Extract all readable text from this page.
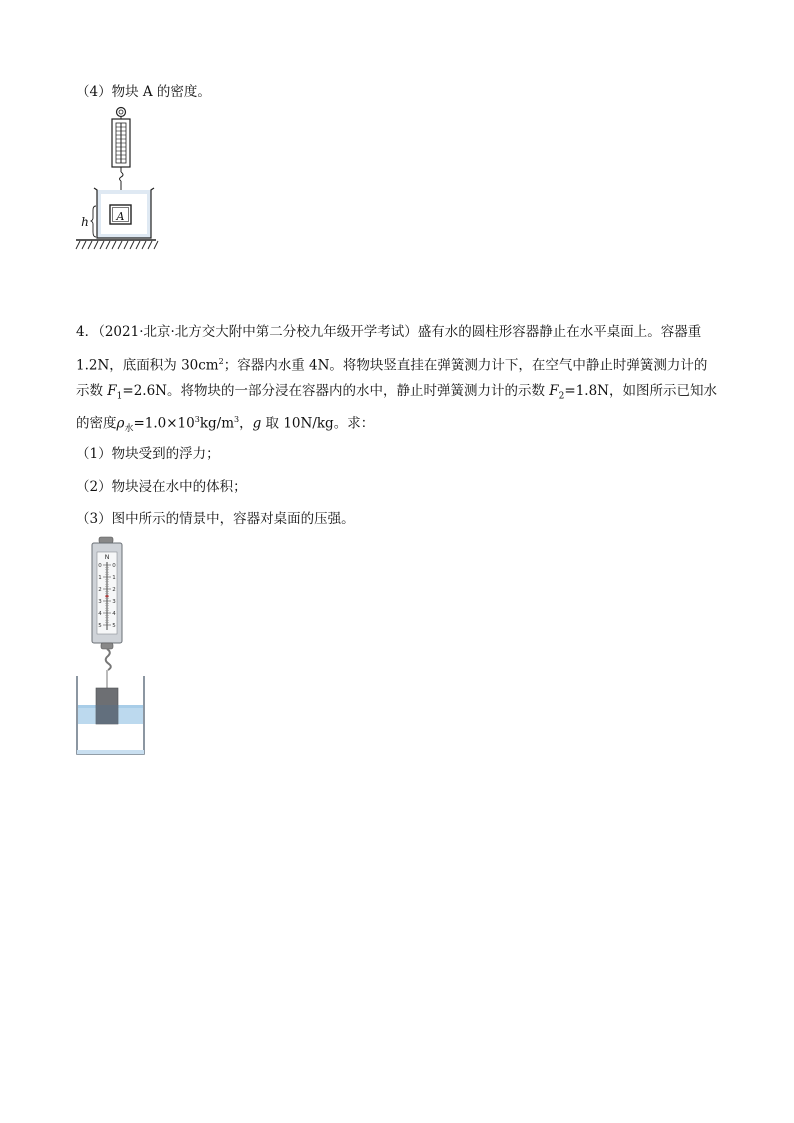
（4）物块 A 的密度。
A
h
4．（2021·北京·北方交大附中第二分校九年级开学考试）盛有水的圆柱形容器静止在水平桌面上。容器重
1.2N，底面积为 $30cm^2$；容器内水重 4N。将物块竖直挂在弹簧测力计下，在空气中静止时弹簧测力计的
示数 $F_1=2.6N$。将物块的一部分浸在容器内的水中，静止时弹簧测力计的示数 $F_2=1.8N$，如图所示已知水
的密度$\rho_水=1.0\times 10^3kg/m^3$，g 取 10N/kg。求：
（1）物块受到的浮力；
（2）物块浸在水中的体积；
（3）图中所示的情景中，容器对桌面的压强。
N
0 0
1 1
2 2
3 3
4 4
5 5
